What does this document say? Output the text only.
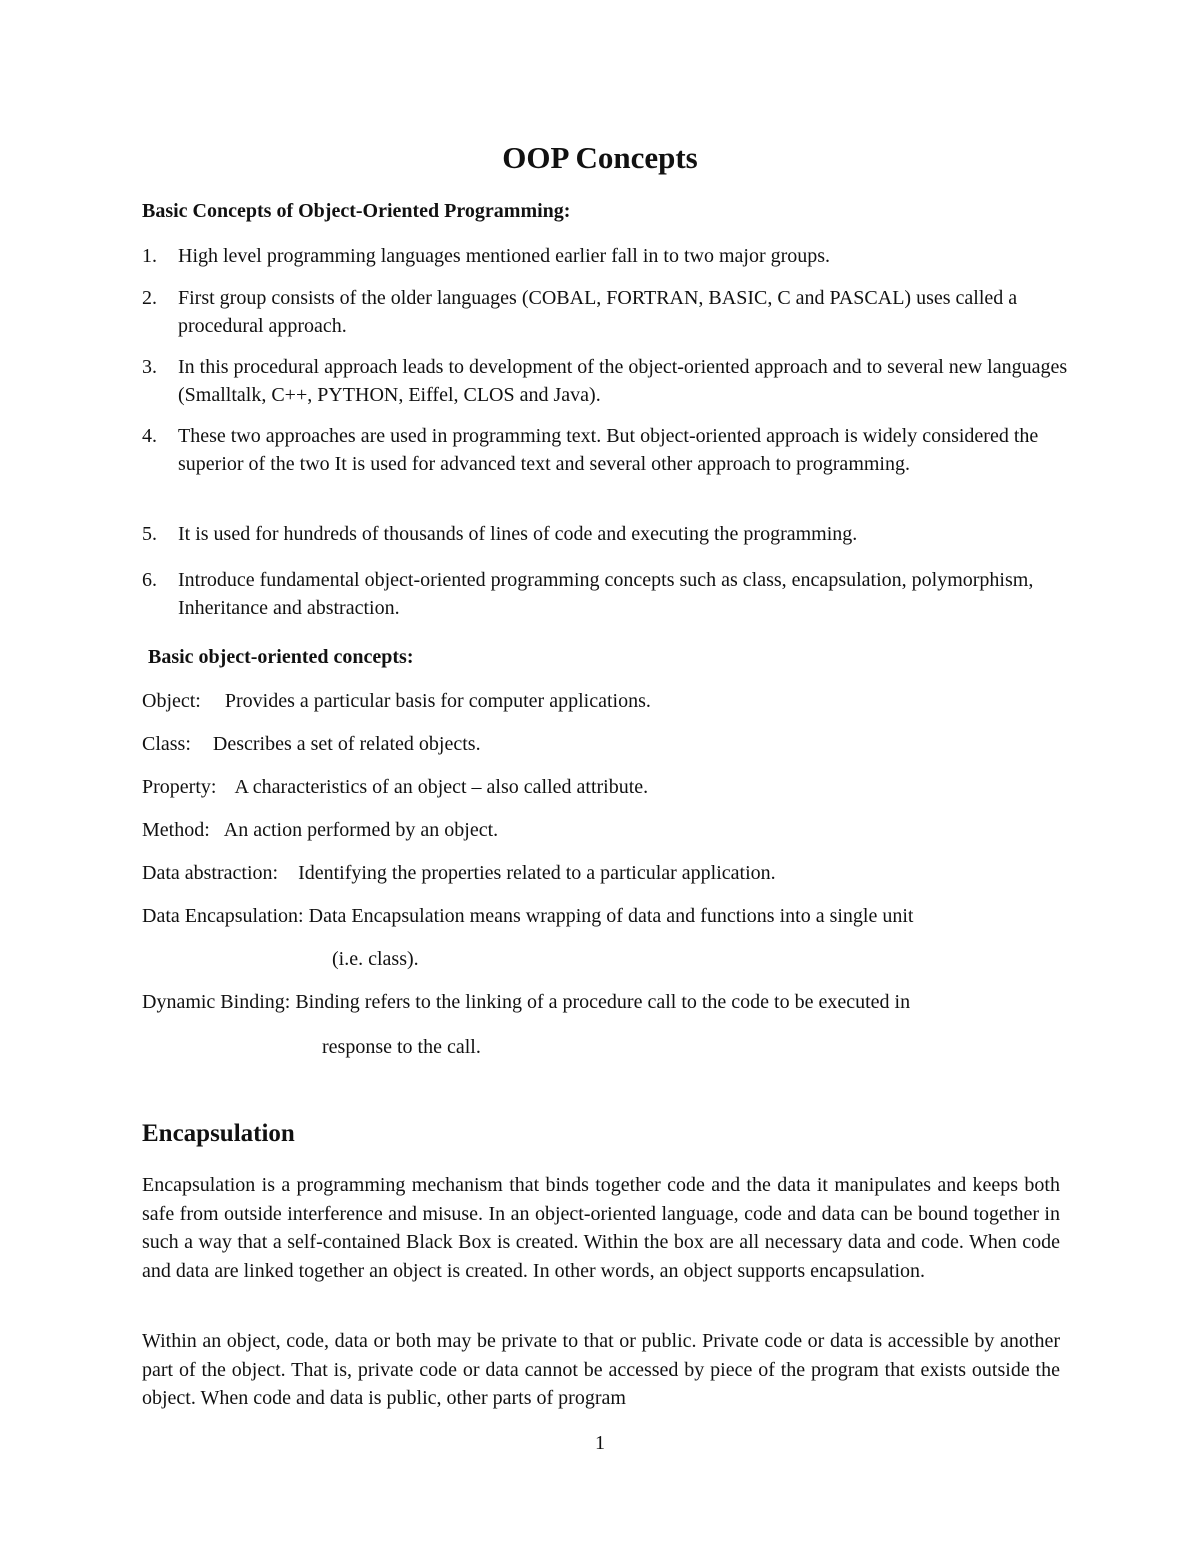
OOP Concepts
Basic Concepts of Object-Oriented Programming:
1. High level programming languages mentioned earlier fall in to two major groups.
2. First group consists of the older languages (COBAL, FORTRAN, BASIC, C and PASCAL) uses called a procedural approach.
3. In this procedural approach leads to development of the object-oriented approach and to several new languages (Smalltalk, C++, PYTHON, Eiffel, CLOS and Java).
4. These two approaches are used in programming text. But object-oriented approach is widely considered the superior of the two It is used for advanced text and several other approach to programming.
5. It is used for hundreds of thousands of lines of code and executing the programming.
6. Introduce fundamental object-oriented programming concepts such as class, encapsulation, polymorphism, Inheritance and abstraction.
Basic object-oriented concepts:
Object: Provides a particular basis for computer applications.
Class: Describes a set of related objects.
Property: A characteristics of an object – also called attribute.
Method: An action performed by an object.
Data abstraction: Identifying the properties related to a particular application.
Data Encapsulation: Data Encapsulation means wrapping of data and functions into a single unit
(i.e. class).
Dynamic Binding: Binding refers to the linking of a procedure call to the code to be executed in
response to the call.
Encapsulation
Encapsulation is a programming mechanism that binds together code and the data it manipulates and keeps both safe from outside interference and misuse. In an object-oriented language, code and data can be bound together in such a way that a self-contained Black Box is created. Within the box are all necessary data and code. When code and data are linked together an object is created. In other words, an object supports encapsulation.
Within an object, code, data or both may be private to that or public. Private code or data is accessible by another part of the object. That is, private code or data cannot be accessed by piece of the program that exists outside the object. When code and data is public, other parts of program
1
